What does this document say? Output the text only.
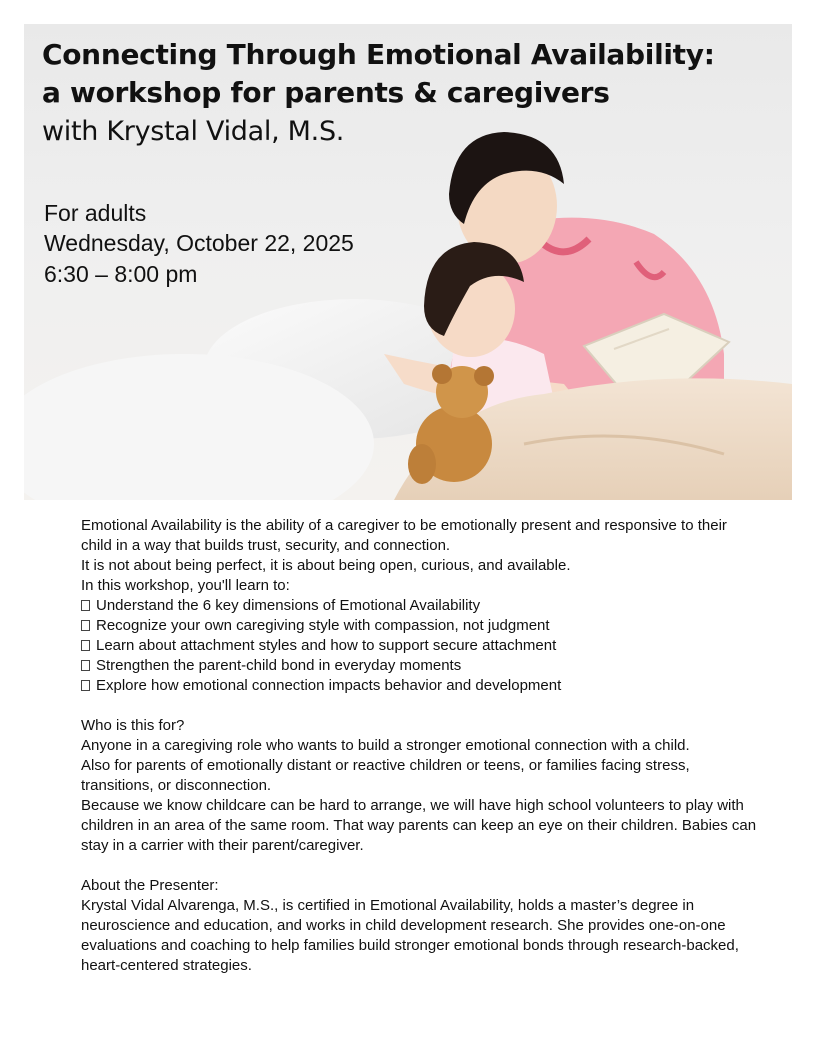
Connecting Through Emotional Availability:
a workshop for parents & caregivers
with Krystal Vidal, M.S.

For adults

Wednesday, October 22, 2025

6:30 – 8:00 pm

Emotional Availability is the ability of a caregiver to be emotionally present and responsive to their child in a way that builds trust, security, and connection.

It is not about being perfect, it is about being open, curious, and available.

In this workshop, you'll learn to:

Understand the 6 key dimensions of Emotional Availability
Recognize your own caregiving style with compassion, not judgment
Learn about attachment styles and how to support secure attachment
Strengthen the parent-child bond in everyday moments
Explore how emotional connection impacts behavior and development

Who is this for?

Anyone in a caregiving role who wants to build a stronger emotional connection with a child.

Also for parents of emotionally distant or reactive children or teens, or families facing stress, transitions, or disconnection.

Because we know childcare can be hard to arrange, we will have high school volunteers to play with children in an area of the same room. That way parents can keep an eye on their children. Babies can stay in a carrier with their parent/caregiver.

About the Presenter:

Krystal Vidal Alvarenga, M.S., is certified in Emotional Availability, holds a master’s degree in neuroscience and education, and works in child development research. She provides one-on-one evaluations and coaching to help families build stronger emotional bonds through research-backed, heart-centered strategies.
